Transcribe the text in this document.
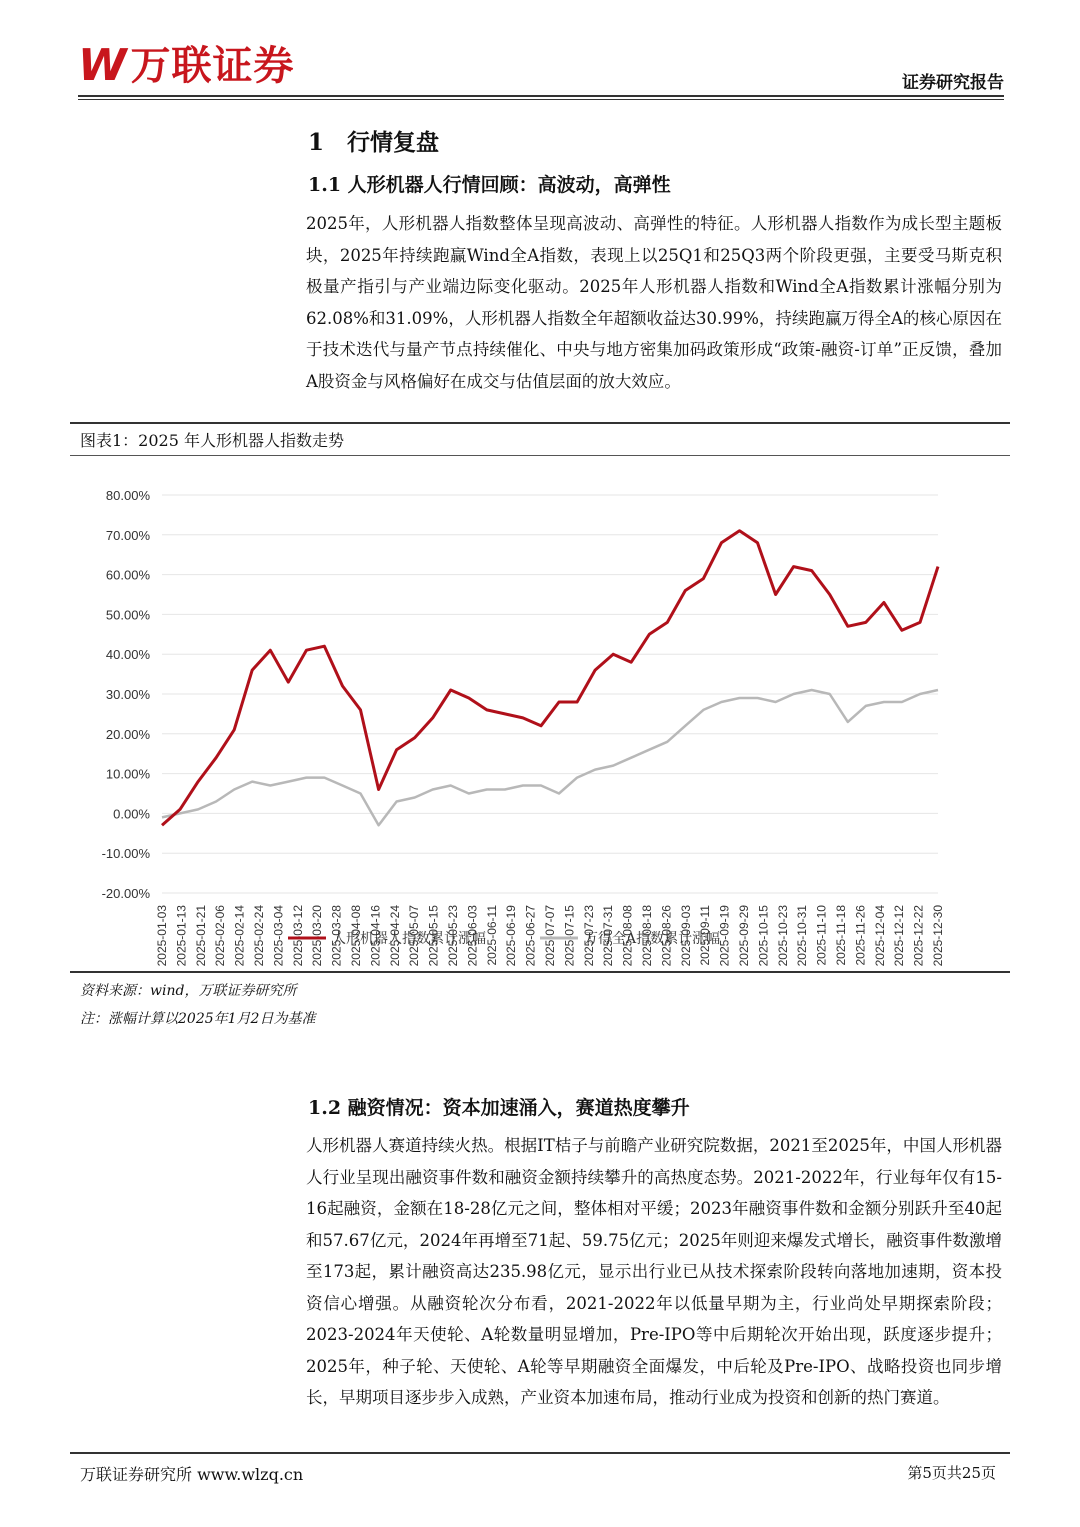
W 万联证券	证券研究报告
1　行情复盘
1.1 人形机器人行情回顾：高波动，高弹性

2025年，人形机器人指数整体呈现高波动、高弹性的特征。人形机器人指数作为成长型主题板块，2025年持续跑赢Wind全A指数，表现上以25Q1和25Q3两个阶段更强，主要受马斯克积极量产指引与产业端边际变化驱动。2025年人形机器人指数和Wind全A指数累计涨幅分别为62.08%和31.09%，人形机器人指数全年超额收益达30.99%，持续跑赢万得全A的核心原因在于技术迭代与量产节点持续催化、中央与地方密集加码政策形成“政策-融资-订单”正反馈，叠加A股资金与风格偏好在成交与估值层面的放大效应。

图表1：2025 年人形机器人指数走势
80.00%
70.00%
60.00%
50.00%
40.00%
30.00%
20.00%
10.00%
0.00%
-10.00%
-20.00%
2025-01-03 2025-01-13 2025-01-21 2025-02-06 2025-02-14 2025-02-24 2025-03-04 2025-03-12 2025-03-20 2025-03-28 2025-04-08 2025-04-16 2025-04-24 2025-05-07 2025-05-15 2025-05-23 2025-06-03 2025-06-11 2025-06-19 2025-06-27 2025-07-07 2025-07-15 2025-07-23 2025-07-31 2025-08-08 2025-08-18 2025-08-26 2025-09-03 2025-09-11 2025-09-19 2025-09-29 2025-10-15 2025-10-23 2025-10-31 2025-11-10 2025-11-18 2025-11-26 2025-12-04 2025-12-12 2025-12-22 2025-12-30
人形机器人指数累计涨幅	万得全A指数累计涨幅
资料来源：wind，万联证券研究所
注：涨幅计算以2025年1月2日为基准
1.2 融资情况：资本加速涌入，赛道热度攀升

人形机器人赛道持续火热。根据IT桔子与前瞻产业研究院数据，2021至2025年，中国人形机器人行业呈现出融资事件数和融资金额持续攀升的高热度态势。2021-2022年，行业每年仅有15-16起融资，金额在18-28亿元之间，整体相对平缓；2023年融资事件数和金额分别跃升至40起和57.67亿元，2024年再增至71起、59.75亿元；2025年则迎来爆发式增长，融资事件数激增至173起，累计融资高达235.98亿元，显示出行业已从技术探索阶段转向落地加速期，资本投资信心增强。从融资轮次分布看，2021-2022年以低量早期为主，行业尚处早期探索阶段；2023-2024年天使轮、A轮数量明显增加，Pre-IPO等中后期轮次开始出现，跃度逐步提升；2025年，种子轮、天使轮、A轮等早期融资全面爆发，中后轮及Pre-IPO、战略投资也同步增长，早期项目逐步步入成熟，产业资本加速布局，推动行业成为投资和创新的热门赛道。

万联证券研究所 www.wlzq.cn	第5页共25页
